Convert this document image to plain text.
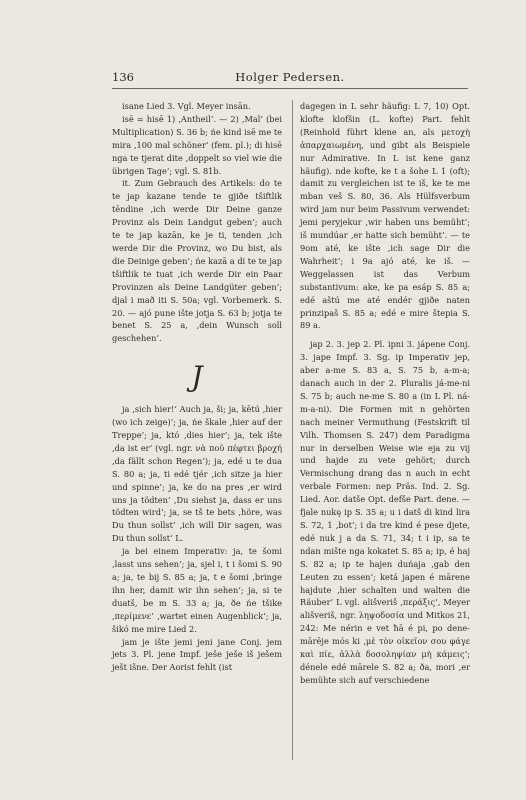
136	Holger Pedersen.

isane Lied 3. Vgl. Meyer insān.

isē = hisē 1) ‚Antheil‘. — 2) ‚Mal‘ (bei Multiplication) S. 36 b; ńe kind isē me te mira ‚100 mal schöner‘ (fem. pl.); di hisē nga te tjerat dite ‚doppelt so viel wie die übrigen Tage‘; vgl. S. 81b.

it. Zum Gebrauch des Artikels: do te te jap kazane tende te gjiðe tšiftlik tēndine ‚ich werde Dir Deine ganze Provinz als Dein Landgut geben‘; auch te te jap kazān, ke je ti, tenden ‚ich werde Dir die Provinz, wo Du bist, als die Deinige geben‘; ńe kazā a di te te jap tšiftlik te tuat ‚ich werde Dir ein Paar Provinzen als Deine Landgüter geben‘; djal i mað iti S. 50a; vgl. Vorbemerk. S. 20. — ajó pune ište jotja S. 63 b; jotja te benet S. 25 a, ‚dein Wunsch soll geschehen‘.

J

ja ‚sich hier!‘ Auch ja, ši; ja, kētú ‚hier (wo ich zeige)‘; ja, ńe škale ‚hier auf der Treppe‘; ja, któ ‚dies hier‘; ja, tek ište ‚da ist er‘ (vgl. ngr. νὰ ποῦ πέφτει βροχή ‚da fällt schon Regen‘); ja, edé u te dua S. 80 a; ja, ti edé tjér ‚ich sitze ja hier und spinne‘; ja, ke do na pres ‚er wird uns ja tödten‘ ‚Du siehst ja, dass er uns tödten wird‘; ja, se tš te bets ‚höre, was Du thun sollst‘ ‚ich will Dir sagen, was Du thun sollst‘ L.

ja bei einem Imperativ: ja, te šomi ‚lasst uns sehen‘; ja, sjel i, t i šomi S. 90 a; ja, te bij S. 85 a; ja, t e šomi ‚bringe ihn her, damit wir ihn sehen‘; ja, si te duatš, be m S. 33 a; ja, ðe ńe tšike ‚περίμενε‘ ‚wartet einen Augenblick‘; ja, šikó me mire Lied 2.

jam je ište jemi jeni jane Conj. jem jets 3. Pl. jene Impf. ješe ješe iš ješem ješt išne. Der Aorist fehlt (ist

dagegen in L sehr häufig: L 7, 10) Opt. klofte klofšin (L. kofte) Part. fehlt (Reinhold führt klene an, als μετοχὴ ἀπαρχαιωμένη, und gibt als Beispiele nur Admirative. In L ist kene ganz häufig). nde kofte, ke t a šohe L 1 (oft); damit zu vergleichen ist te iš, ke te me mban veš S. 80, 36. Als Hülfsverbum wird jam nur beim Passivum verwendet: jemi peryjekur ‚wir haben uns bemüht‘; iš mundúar ‚er hatte sich bemüht‘. — te 9om até, ke ište ‚ich sage Dir die Wahrheit‘; i 9a ajó até, ke iš. — Weggelassen ist das Verbum substantivum: ake, ke pa esáp S. 85 a; edé aštú me até endér gjiðe naten prinzipaš S. 85 a; edé e mire štepia S. 89 a.

jap 2. 3. jep 2. Pl. ipni 3. jápene Conj. 3. jape Impf. 3. Sg. ip Imperativ jep, aber a-me S. 83 a, S. 75 b, a-m-a; danach auch in der 2. Pluralis já-me-ni S. 75 b; auch ne-me S. 80 a (in L Pl. ná-m-a-ni). Die Formen mit n gehörten nach meiner Vermuthung (Festskrift til Vilh. Thomsen S. 247) dem Paradigma nur in derselben Weise wie eja zu vij und hajde zu vete gehört; durch Vermischung drang das n auch in echt verbale Formen: nep Präs. Ind. 2. Sg. Lied. Aor. datše Opt. defše Part. dene. — fjale nukę ip S. 35 a; u i datš di kind lira S. 72, 1 ‚bot‘; i da tre kind é pese djete, edé nuk j a da S. 71, 34; t i ip, sa te ndan mište nga kokatet S. 85 a; ip, é haj S. 82 a; ip te hajen duńaja ‚gab den Leuten zu essen‘; ketá japen é mārene hajdute ‚hier schalten und walten die Räuber‘ L vgl. ališveriš ‚περάξις‘, Meyer ališveriš, ngr. ληψοδοσία und Mitkos 21, 242: Me nérin e vet ħā é pi, po dene-mārēje mós ki ‚μὲ τὸν οἰκεῖον σου φάγε καὶ πίε, ἀλλὰ δοσοληψίαν μὴ κάμεις‘; dénele edé mārele S. 82 a; ða, mori ‚er bemühte sich auf verschiedene
